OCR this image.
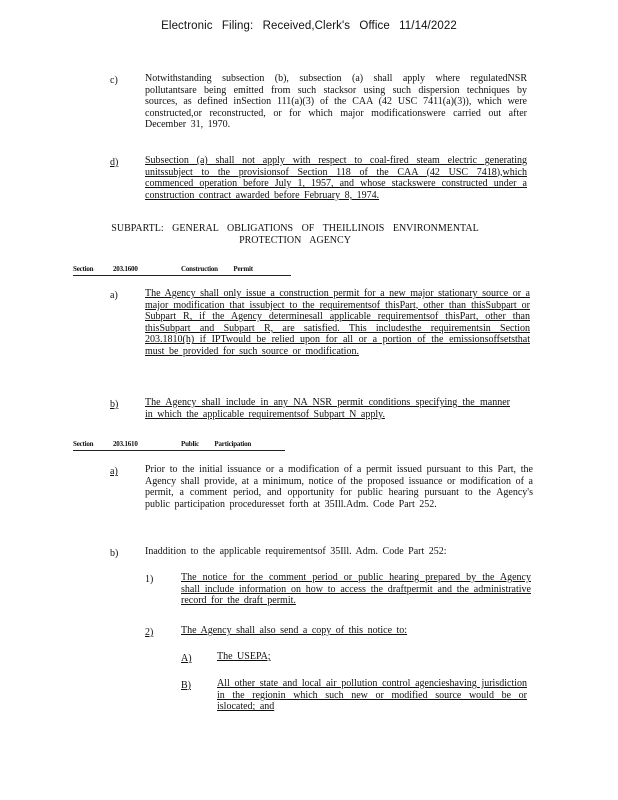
Electronic Filing: Received,Clerk's Office 11/14/2022
c)	Notwithstanding subsection (b), subsection (a) shall apply where regulatedNSR pollutantsare being emitted from such stacksor using such dispersion techniques by sources, as defined inSection 111(a)(3) of the CAA (42 USC 7411(a)(3)), which were constructed,or reconstructed, or for which major modificationswere carried out after December 31, 1970.
d)	Subsection (a) shall not apply with respect to coal-fired steam electric generating unitssubject to the provisionsof Section 118 of the CAA (42 USC 7418),which commenced operation before July 1, 1957, and whose stackswere constructed under a construction contract awarded before February 8, 1974.
SUBPARTL: GENERAL OBLIGATIONS OF THEILLINOIS ENVIRONMENTAL
PROTECTION AGENCY
Section	203.1600	Construction Permit
a)	The Agency shall only issue a construction permit for a new major stationary source or a major modification that issubject to the requirementsof thisPart, other than thisSubpart or Subpart R, if the Agency determinesall applicable requirementsof thisPart, other than thisSubpart and Subpart R, are satisfied. This includesthe requirementsin Section 203.1810(h) if IPTwould be relied upon for all or a portion of the emissionsoffsetsthat must be provided for such source or modification.
b)	The Agency shall include in any NA NSR permit conditions specifying the manner in which the applicable requirementsof Subpart N apply.
Section	203.1610	Public Participation
a)	Prior to the initial issuance or a modification of a permit issued pursuant to this Part, the Agency shall provide, at a minimum, notice of the proposed issuance or modification of a permit, a comment period, and opportunity for public hearing pursuant to the Agency's public participation proceduresset forth at 35Ill.Adm. Code Part 252.
b)	Inaddition to the applicable requirementsof 35Ill. Adm. Code Part 252:
1)	The notice for the comment period or public hearing prepared by the Agency shall include information on how to access the draftpermit and the administrative record for the draft permit.
2)	The Agency shall also send a copy of this notice to:
A)	The USEPA;
B)	All other state and local air pollution control agencieshaving jurisdiction in the regionin which such new or modified source would be or islocated; and
